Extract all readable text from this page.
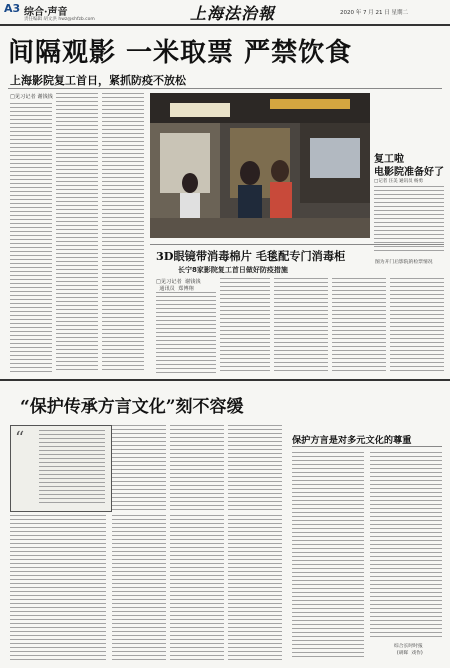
A3 综合·声音
责任编辑 胡文洪 hwz@shfzb.com	上海法治報	2020 年 7 月 21 日 星期二
间隔观影 一米取票 严禁饮食
上海影院复工首日，紧抓防疫不放松
□见习记者 谢钱钱
复工啦
电影院准备好了
□记者 汪美 通讯员 杨勇
图为开门后影院的检票情况
3D眼镜带消毒棉片 毛毯配专门消毒柜
长宁8家影院复工首日做好防疫措施
□见习记者  谢钱钱
通讯员  郑博翔
“保护传承方言文化”刻不容缓
“	保护方言是对多元文化的尊重
综合长时时报
(胡晖  戏作)
